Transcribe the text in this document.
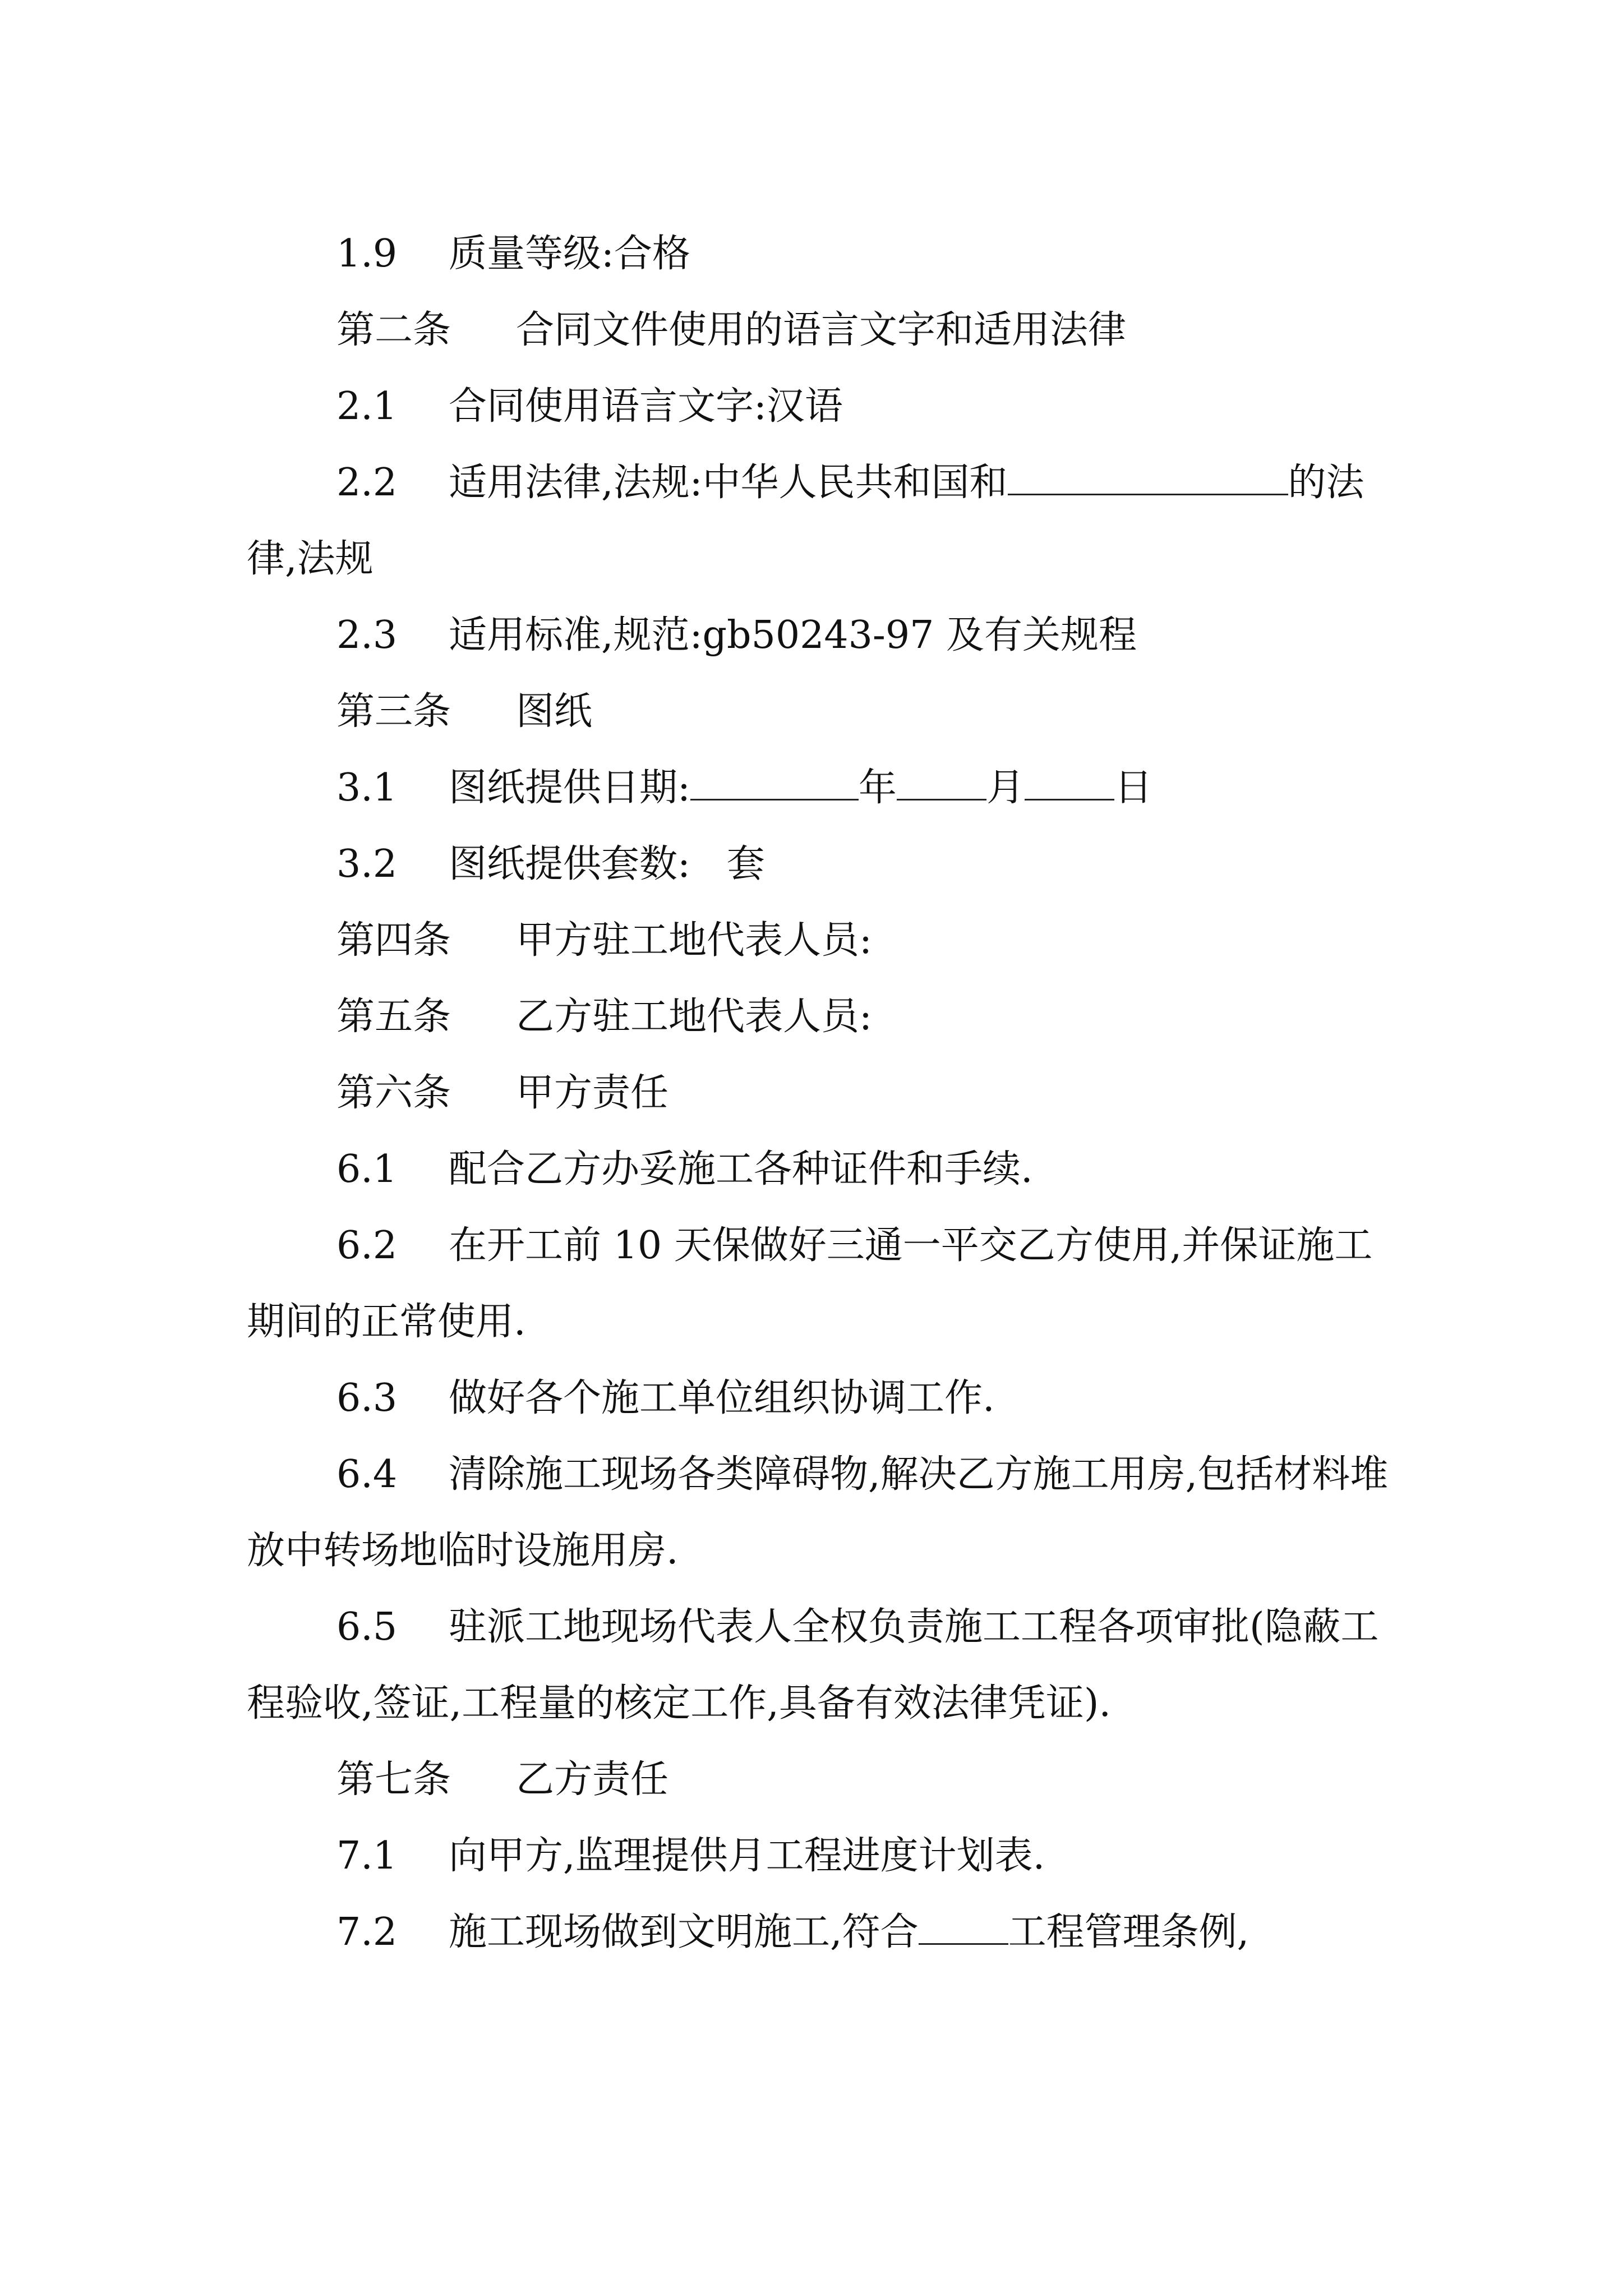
1.9 质量等级:合格

第二条 合同文件使用的语言文字和适用法律

2.1 合同使用语言文字:汉语

2.2 适用法律,法规:中华人民共和国和	的法律,法规

2.3 适用标准,规范:gb50243-97 及有关规程

第三条 图纸

3.1 图纸提供日期:	年 月 日

3.2 图纸提供套数:   套

第四条 甲方驻工地代表人员:

第五条 乙方驻工地代表人员:

第六条 甲方责任

6.1 配合乙方办妥施工各种证件和手续.

6.2 在开工前 10 天保做好三通一平交乙方使用,并保证施工期间的正常使用.

6.3 做好各个施工单位组织协调工作.

6.4 清除施工现场各类障碍物,解决乙方施工用房,包括材料堆放中转场地临时设施用房.

6.5 驻派工地现场代表人全权负责施工工程各项审批(隐蔽工程验收,签证,工程量的核定工作,具备有效法律凭证).

第七条 乙方责任

7.1 向甲方,监理提供月工程进度计划表.

7.2 施工现场做到文明施工,符合 工程管理条例,
